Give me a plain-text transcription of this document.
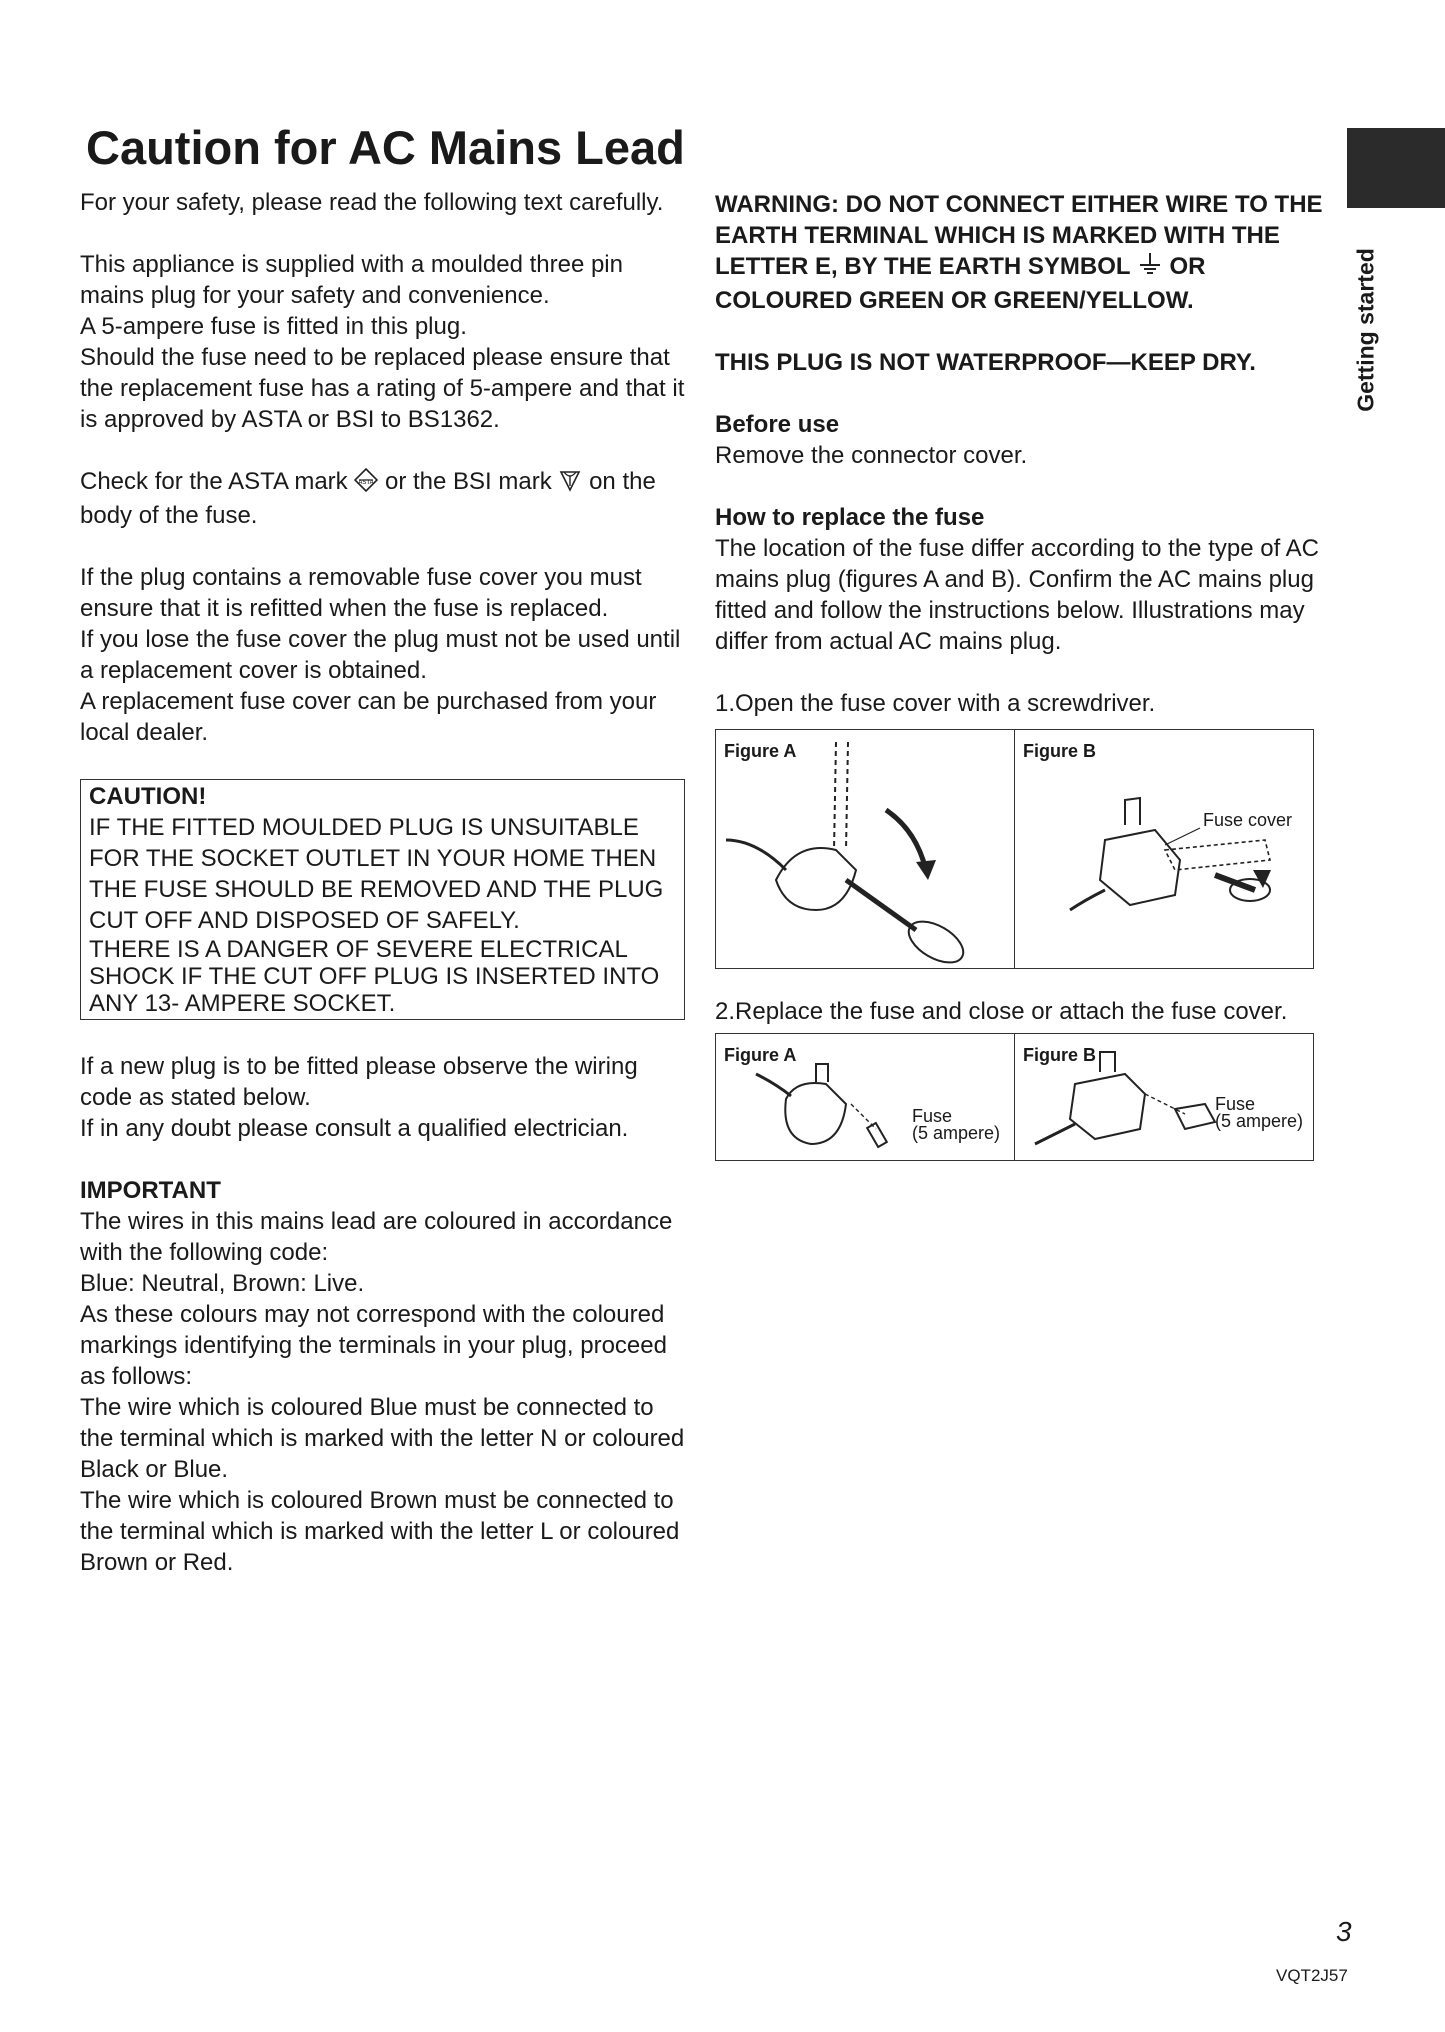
Caution for AC Mains Lead
Getting started

For your safety, please read the following text carefully.

This appliance is supplied with a moulded three pin mains plug for your safety and convenience.

A 5-ampere fuse is fitted in this plug.

Should the fuse need to be replaced please ensure that the replacement fuse has a rating of 5-ampere and that it is approved by ASTA or BSI to BS1362.

Check for the ASTA mark ASTA or the BSI mark on the body of the fuse.

If the plug contains a removable fuse cover you must ensure that it is refitted when the fuse is replaced.

If you lose the fuse cover the plug must not be used until a replacement cover is obtained.

A replacement fuse cover can be purchased from your local dealer.

CAUTION!

IF THE FITTED MOULDED PLUG IS UNSUITABLE FOR THE SOCKET OUTLET IN YOUR HOME THEN THE FUSE SHOULD BE REMOVED AND THE PLUG CUT OFF AND DISPOSED OF SAFELY.

THERE IS A DANGER OF SEVERE ELECTRICAL SHOCK IF THE CUT OFF PLUG IS INSERTED INTO ANY 13- AMPERE SOCKET.

If a new plug is to be fitted please observe the wiring code as stated below.

If in any doubt please consult a qualified electrician.

IMPORTANT

The wires in this mains lead are coloured in accordance with the following code:

Blue: Neutral, Brown: Live.

As these colours may not correspond with the coloured markings identifying the terminals in your plug, proceed as follows:

The wire which is coloured Blue must be connected to the terminal which is marked with the letter N or coloured Black or Blue.

The wire which is coloured Brown must be connected to the terminal which is marked with the letter L or coloured Brown or Red.

WARNING: DO NOT CONNECT EITHER WIRE TO THE EARTH TERMINAL WHICH IS MARKED WITH THE LETTER E, BY THE EARTH SYMBOL OR COLOURED GREEN OR GREEN/YELLOW.

THIS PLUG IS NOT WATERPROOF—KEEP DRY.

Before use

Remove the connector cover.

How to replace the fuse

The location of the fuse differ according to the type of AC mains plug (figures A and B). Confirm the AC mains plug fitted and follow the instructions below. Illustrations may differ from actual AC mains plug.

1.Open the fuse cover with a screwdriver.

Figure A	Figure B
Fuse cover

2.Replace the fuse and close or attach the fuse cover.

Figure A
Fuse
(5 ampere)
Figure B
Fuse
(5 ampere)
3
VQT2J57
